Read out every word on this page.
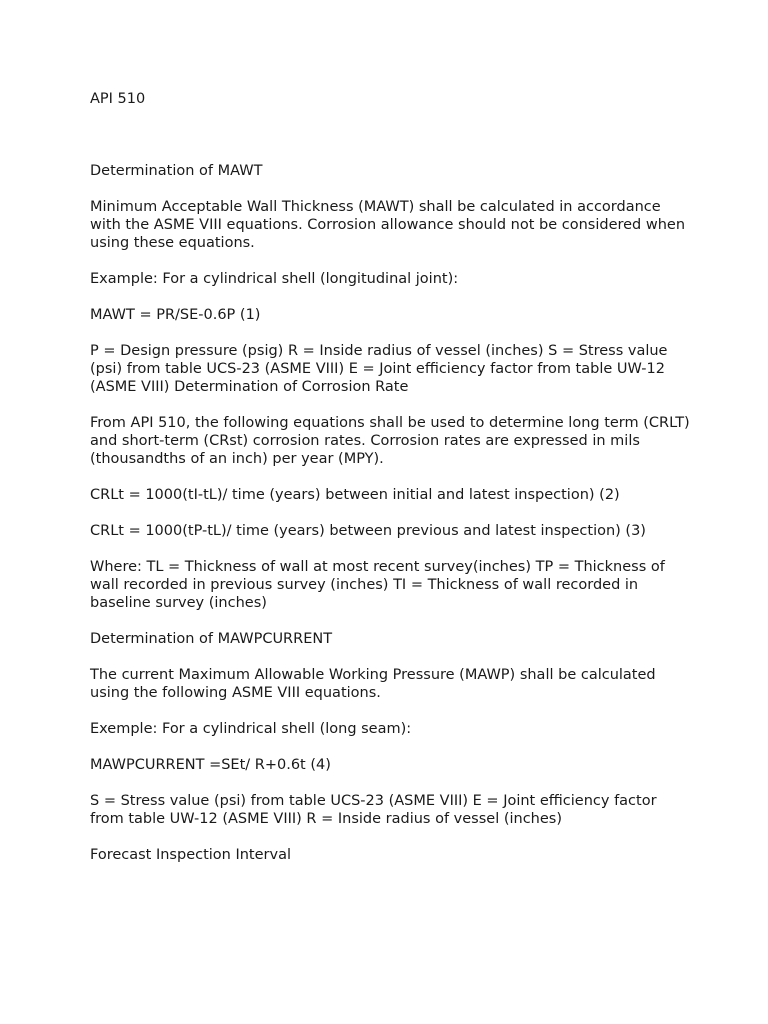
API 510

Determination of MAWT

Minimum Acceptable Wall Thickness (MAWT) shall be calculated in accordance with the ASME VIII equations. Corrosion allowance should not be considered when using these equations.

Example: For a cylindrical shell (longitudinal joint):

MAWT = PR/SE-0.6P (1)

P = Design pressure (psig) R = Inside radius of vessel (inches) S = Stress value (psi) from table UCS-23 (ASME VIII) E = Joint efficiency factor from table UW-12 (ASME VIII) Determination of Corrosion Rate

From API 510, the following equations shall be used to determine long term (CRLT) and short-term (CRst) corrosion rates. Corrosion rates are expressed in mils (thousandths of an inch) per year (MPY).

CRLt = 1000(tI-tL)/ time (years) between initial and latest inspection) (2)

CRLt = 1000(tP-tL)/ time (years) between previous and latest inspection) (3)

Where: TL = Thickness of wall at most recent survey(inches) TP = Thickness of wall recorded in previous survey (inches) TI = Thickness of wall recorded in baseline survey (inches)

Determination of MAWPCURRENT

The current Maximum Allowable Working Pressure (MAWP) shall be calculated using the following ASME VIII equations.

Exemple: For a cylindrical shell (long seam):

MAWPCURRENT =SEt/ R+0.6t (4)

S = Stress value (psi) from table UCS-23 (ASME VIII) E = Joint efficiency factor from table UW-12 (ASME VIII) R = Inside radius of vessel (inches)

Forecast Inspection Interval
